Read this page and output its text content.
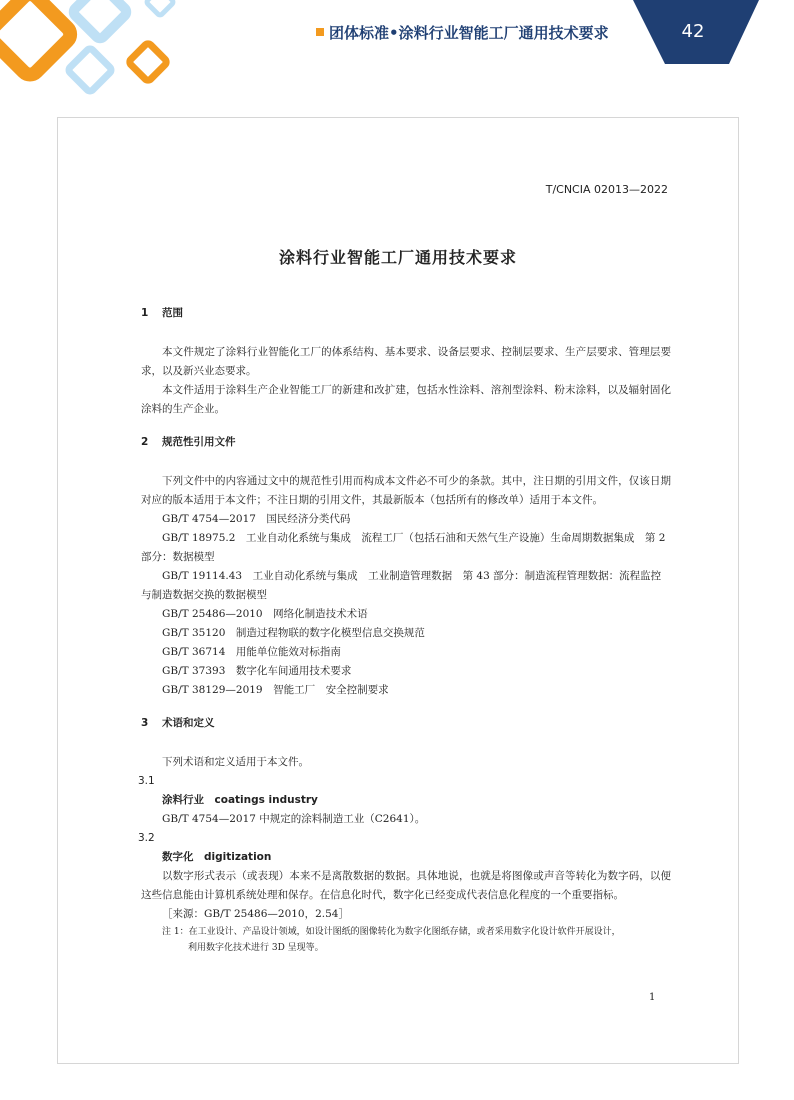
团体标准•涂料行业智能工厂通用技术要求	42
T/CNCIA 02013—2022
涂料行业智能工厂通用技术要求

1 范围

本文件规定了涂料行业智能化工厂的体系结构、基本要求、设备层要求、控制层要求、生产层要求、管理层要求，以及新兴业态要求。

本文件适用于涂料生产企业智能工厂的新建和改扩建，包括水性涂料、溶剂型涂料、粉末涂料，以及辐射固化涂料的生产企业。

2 规范性引用文件

下列文件中的内容通过文中的规范性引用而构成本文件必不可少的条款。其中，注日期的引用文件，仅该日期对应的版本适用于本文件；不注日期的引用文件，其最新版本（包括所有的修改单）适用于本文件。

GB/T 4754—2017　国民经济分类代码

GB/T 18975.2　工业自动化系统与集成　流程工厂（包括石油和天然气生产设施）生命周期数据集成　第 2 部分：数据模型

GB/T 19114.43　工业自动化系统与集成　工业制造管理数据　第 43 部分：制造流程管理数据：流程监控与制造数据交换的数据模型

GB/T 25486—2010　网络化制造技术术语

GB/T 35120　制造过程物联的数字化模型信息交换规范

GB/T 36714　用能单位能效对标指南

GB/T 37393　数字化车间通用技术要求

GB/T 38129—2019　智能工厂　安全控制要求

3 术语和定义

下列术语和定义适用于本文件。

3.1

涂料行业　coatings industry

GB/T 4754—2017 中规定的涂料制造工业（C2641）。

3.2

数字化　digitization

以数字形式表示（或表现）本来不是离散数据的数据。具体地说，也就是将图像或声音等转化为数字码，以便这些信息能由计算机系统处理和保存。在信息化时代，数字化已经变成代表信息化程度的一个重要指标。

［来源：GB/T 25486—2010，2.54］

注 1：在工业设计、产品设计领域，如设计图纸的图像转化为数字化图纸存储，或者采用数字化设计软件开展设计，
利用数字化技术进行 3D 呈现等。

1
